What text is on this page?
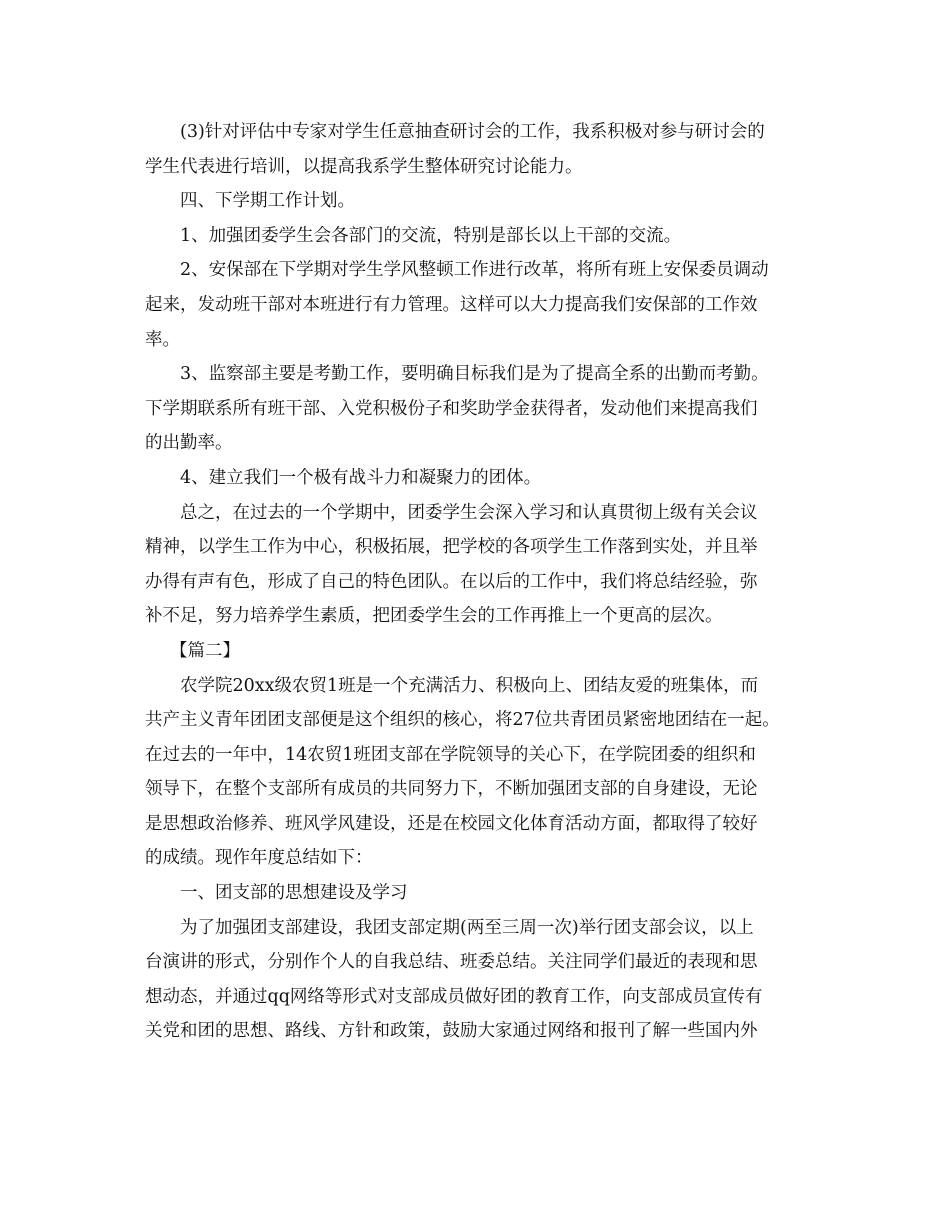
(3)针对评估中专家对学生任意抽查研讨会的工作，我系积极对参与研讨会的
学生代表进行培训，以提高我系学生整体研究讨论能力。
四、下学期工作计划。
1、加强团委学生会各部门的交流，特别是部长以上干部的交流。
2、安保部在下学期对学生学风整顿工作进行改革，将所有班上安保委员调动
起来，发动班干部对本班进行有力管理。这样可以大力提高我们安保部的工作效
率。
3、监察部主要是考勤工作，要明确目标我们是为了提高全系的出勤而考勤。
下学期联系所有班干部、入党积极份子和奖助学金获得者，发动他们来提高我们
的出勤率。
4、建立我们一个极有战斗力和凝聚力的团体。
总之，在过去的一个学期中，团委学生会深入学习和认真贯彻上级有关会议
精神，以学生工作为中心，积极拓展，把学校的各项学生工作落到实处，并且举
办得有声有色，形成了自己的特色团队。在以后的工作中，我们将总结经验，弥
补不足，努力培养学生素质，把团委学生会的工作再推上一个更高的层次。
【篇二】
农学院20xx级农贸1班是一个充满活力、积极向上、团结友爱的班集体，而
共产主义青年团团支部便是这个组织的核心，将27位共青团员紧密地团结在一起。
在过去的一年中，14农贸1班团支部在学院领导的关心下，在学院团委的组织和
领导下，在整个支部所有成员的共同努力下，不断加强团支部的自身建设，无论
是思想政治修养、班风学风建设，还是在校园文化体育活动方面，都取得了较好
的成绩。现作年度总结如下：
一、团支部的思想建设及学习
为了加强团支部建设，我团支部定期(两至三周一次)举行团支部会议，以上
台演讲的形式，分别作个人的自我总结、班委总结。关注同学们最近的表现和思
想动态，并通过qq网络等形式对支部成员做好团的教育工作，向支部成员宣传有
关党和团的思想、路线、方针和政策，鼓励大家通过网络和报刊了解一些国内外
